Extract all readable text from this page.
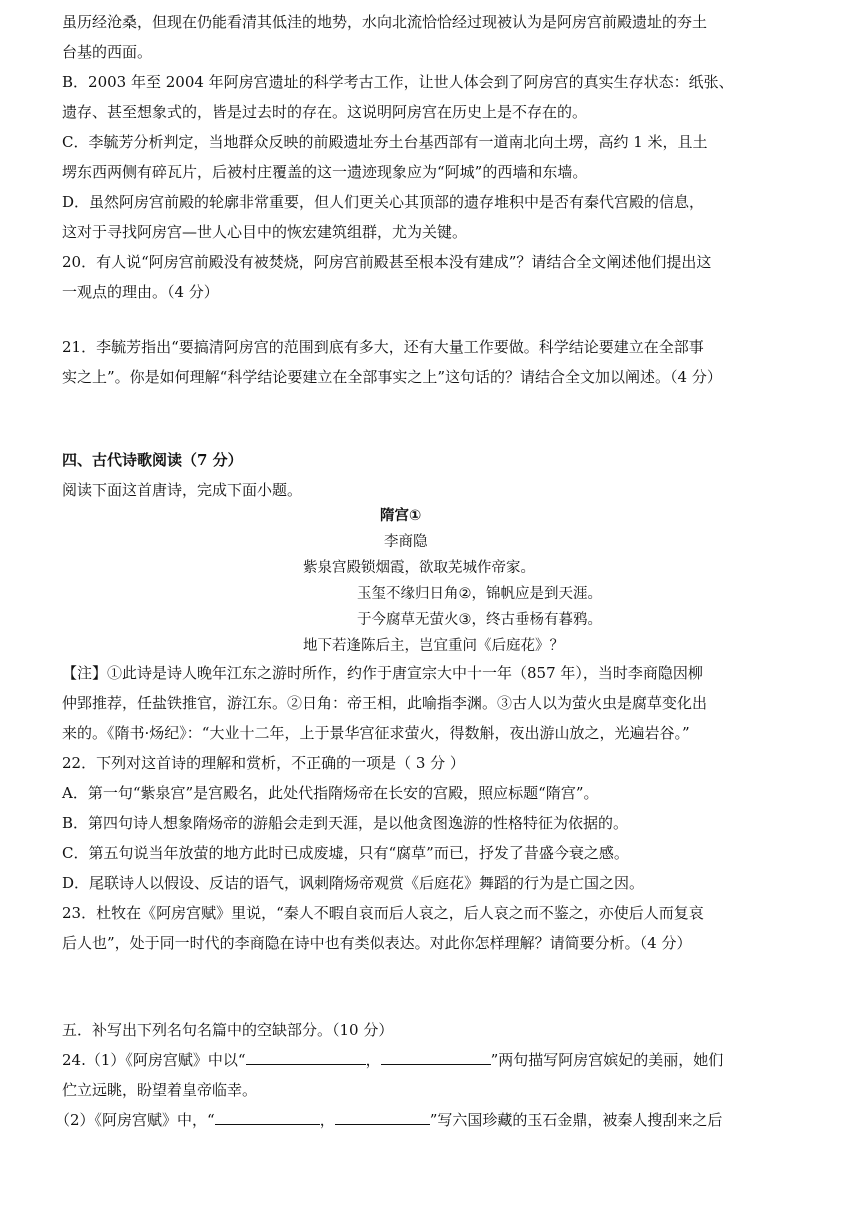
虽历经沧桑，但现在仍能看清其低洼的地势，水向北流恰恰经过现被认为是阿房宫前殿遗址的夯土
台基的西面。
B．2003 年至 2004 年阿房宫遗址的科学考古工作，让世人体会到了阿房宫的真实生存状态：纸张、
遗存、甚至想象式的，皆是过去时的存在。这说明阿房宫在历史上是不存在的。
C．李毓芳分析判定，当地群众反映的前殿遗址夯土台基西部有一道南北向土塄，高约 1 米，且土
塄东西两侧有碎瓦片，后被村庄覆盖的这一遗迹现象应为“阿城”的西墙和东墙。
D．虽然阿房宫前殿的轮廓非常重要，但人们更关心其顶部的遗存堆积中是否有秦代宫殿的信息，
这对于寻找阿房宫—世人心目中的恢宏建筑组群，尤为关键。
20．有人说“阿房宫前殿没有被焚烧，阿房宫前殿甚至根本没有建成”？请结合全文阐述他们提出这
一观点的理由。（4 分）
21．李毓芳指出“要搞清阿房宫的范围到底有多大，还有大量工作要做。科学结论要建立在全部事
实之上”。你是如何理解“科学结论要建立在全部事实之上”这句话的？请结合全文加以阐述。（4 分）
四、古代诗歌阅读（7 分）
阅读下面这首唐诗，完成下面小题。
隋宫①
李商隐
紫泉宫殿锁烟霞，欲取芜城作帝家。
玉玺不缘归日角②，锦帆应是到天涯。
于今腐草无萤火③，终古垂杨有暮鸦。
地下若逢陈后主，岂宜重问《后庭花》？
【注】①此诗是诗人晚年江东之游时所作，约作于唐宣宗大中十一年（857 年），当时李商隐因柳
仲郢推荐，任盐铁推官，游江东。②日角：帝王相，此喻指李渊。③古人以为萤火虫是腐草变化出
来的。《隋书·炀纪》：“大业十二年，上于景华宫征求萤火，得数斛，夜出游山放之，光遍岩谷。”
22．下列对这首诗的理解和赏析，不正确的一项是（ 3 分 ）
A．第一句“紫泉宫”是宫殿名，此处代指隋炀帝在长安的宫殿，照应标题“隋宫”。
B．第四句诗人想象隋炀帝的游船会走到天涯，是以他贪图逸游的性格特征为依据的。
C．第五句说当年放萤的地方此时已成废墟，只有“腐草”而已，抒发了昔盛今衰之感。
D．尾联诗人以假设、反诘的语气，讽刺隋炀帝观赏《后庭花》舞蹈的行为是亡国之因。
23．杜牧在《阿房宫赋》里说，“秦人不暇自哀而后人哀之，后人哀之而不鉴之，亦使后人而复哀
后人也”，处于同一时代的李商隐在诗中也有类似表达。对此你怎样理解？请简要分析。（4 分）
五．补写出下列名句名篇中的空缺部分。（10 分）
24.（1）《阿房宫赋》中以“	，	”两句描写阿房宫嫔妃的美丽，她们
伫立远眺，盼望着皇帝临幸。
（2）《阿房宫赋》中，“	，	”写六国珍藏的玉石金鼎，被秦人搜刮来之后
